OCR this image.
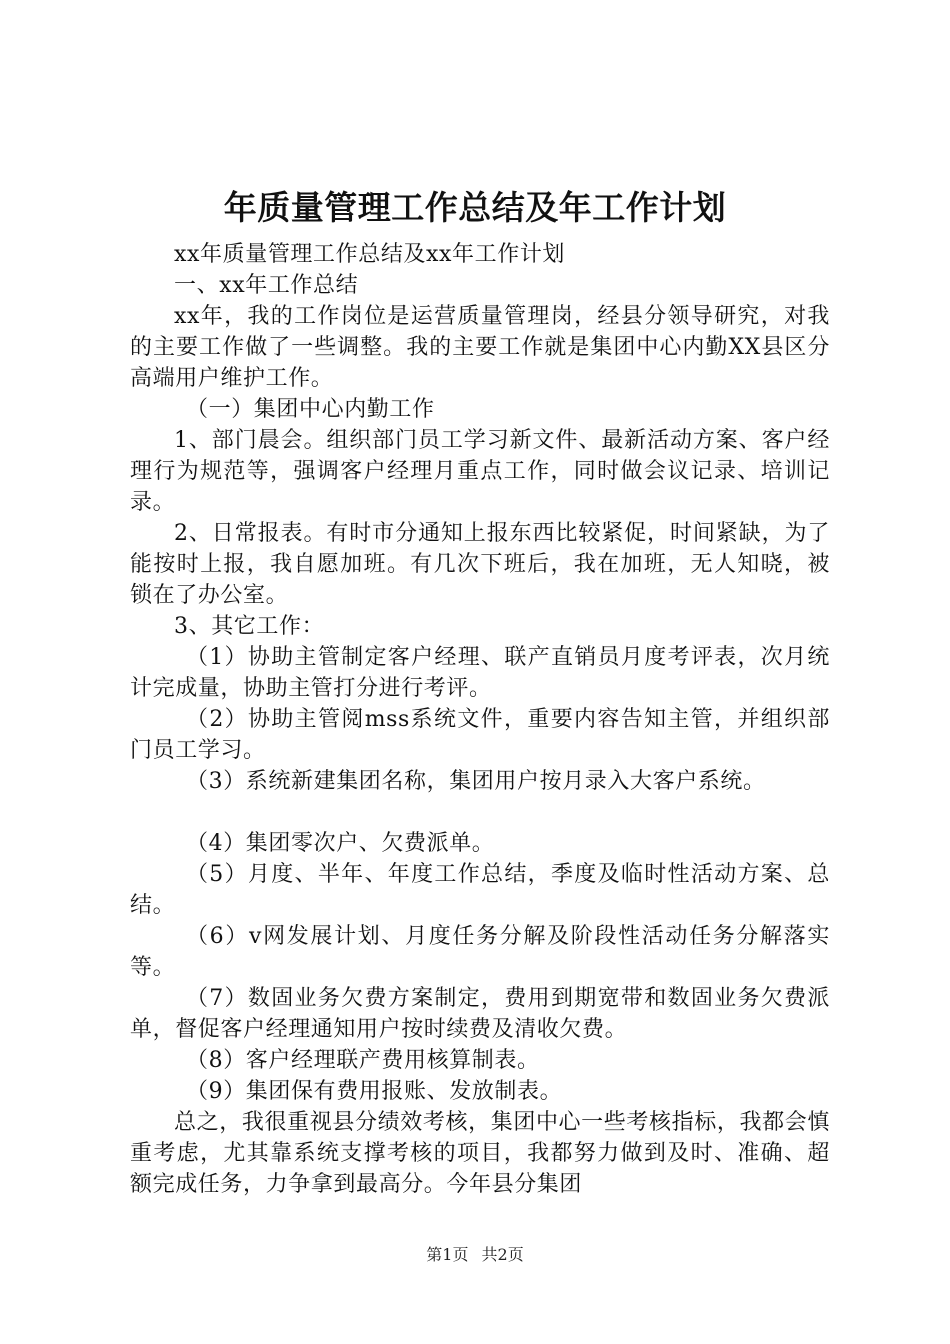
年质量管理工作总结及年工作计划

xx年质量管理工作总结及xx年工作计划

一、xx年工作总结

xx年，我的工作岗位是运营质量管理岗，经县分领导研究，对我的主要工作做了一些调整。我的主要工作就是集团中心内勤XX县区分高端用户维护工作。

（一）集团中心内勤工作

1、部门晨会。组织部门员工学习新文件、最新活动方案、客户经理行为规范等，强调客户经理月重点工作，同时做会议记录、培训记录。

2、日常报表。有时市分通知上报东西比较紧促，时间紧缺，为了能按时上报，我自愿加班。有几次下班后，我在加班，无人知晓，被锁在了办公室。

3、其它工作：

（1）协助主管制定客户经理、联产直销员月度考评表，次月统计完成量，协助主管打分进行考评。

（2）协助主管阅mss系统文件，重要内容告知主管，并组织部门员工学习。

（3）系统新建集团名称，集团用户按月录入大客户系统。

（4）集团零次户、欠费派单。

（5）月度、半年、年度工作总结，季度及临时性活动方案、总结。

（6）v网发展计划、月度任务分解及阶段性活动任务分解落实等。

（7）数固业务欠费方案制定，费用到期宽带和数固业务欠费派单，督促客户经理通知用户按时续费及清收欠费。

（8）客户经理联产费用核算制表。

（9）集团保有费用报账、发放制表。

总之，我很重视县分绩效考核，集团中心一些考核指标，我都会慎重考虑，尤其靠系统支撑考核的项目，我都努力做到及时、准确、超额完成任务，力争拿到最高分。今年县分集团

第1页 共2页
